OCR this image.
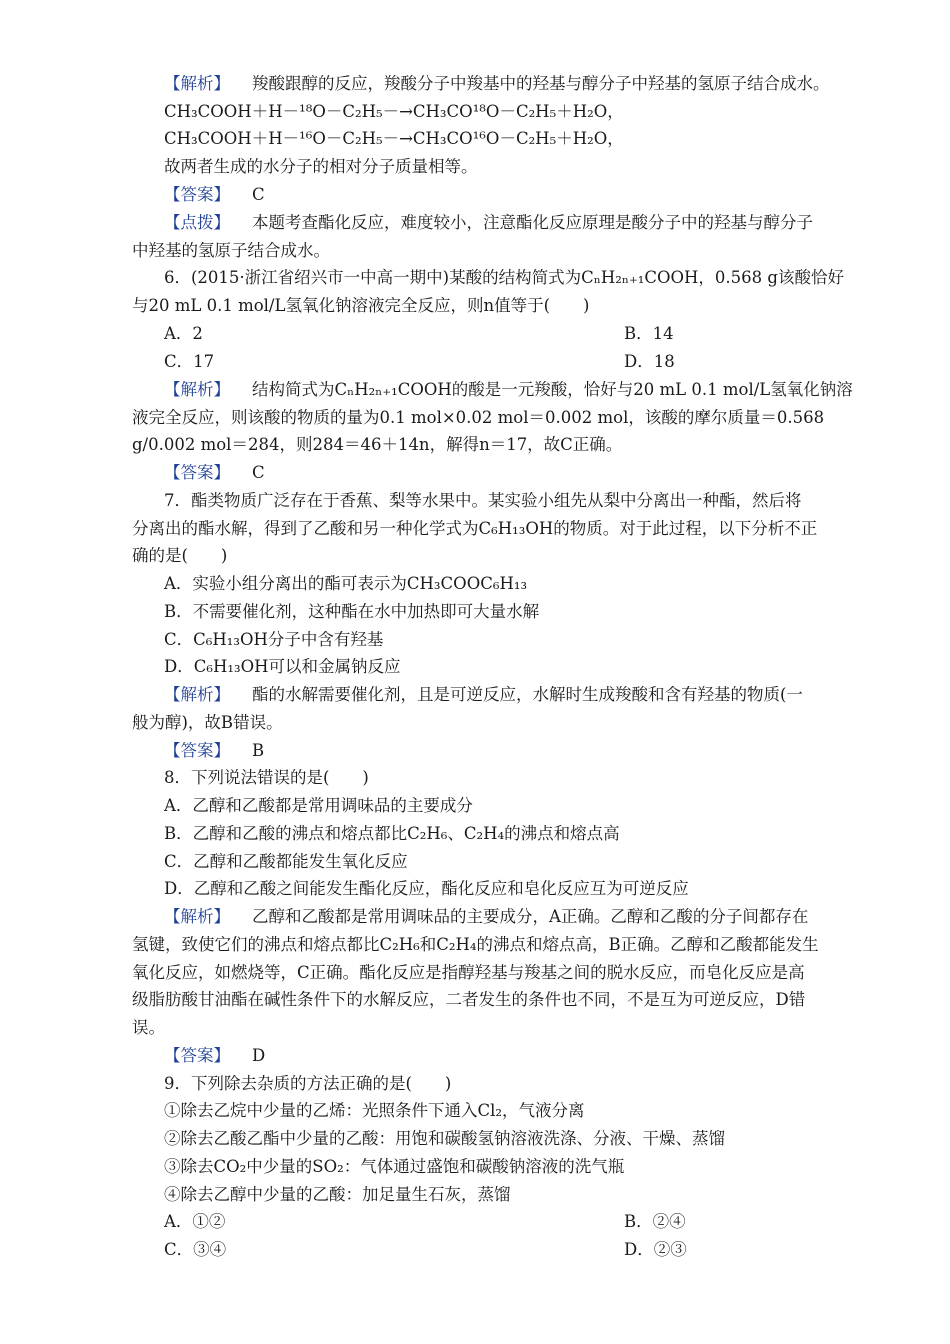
【解析】 羧酸跟醇的反应，羧酸分子中羧基中的羟基与醇分子中羟基的氢原子结合成水。
CH₃COOH＋H－¹⁸O－C₂H₅－→CH₃CO¹⁸O－C₂H₅＋H₂O，
CH₃COOH＋H－¹⁶O－C₂H₅－→CH₃CO¹⁶O－C₂H₅＋H₂O，
故两者生成的水分子的相对分子质量相等。
【答案】 C
【点拨】 本题考查酯化反应，难度较小，注意酯化反应原理是酸分子中的羟基与醇分子
中羟基的氢原子结合成水。
6．(2015·浙江省绍兴市一中高一期中)某酸的结构简式为CₙH₂ₙ₊₁COOH，0.568 g该酸恰好
与20 mL 0.1 mol/L氢氧化钠溶液完全反应，则n值等于(　　)
A．2	B．14
C．17	D．18
【解析】 结构简式为CₙH₂ₙ₊₁COOH的酸是一元羧酸，恰好与20 mL 0.1 mol/L氢氧化钠溶
液完全反应，则该酸的物质的量为0.1 mol×0.02 mol＝0.002 mol，该酸的摩尔质量＝0.568
g/0.002 mol＝284，则284＝46＋14n，解得n＝17，故C正确。
【答案】 C
7．酯类物质广泛存在于香蕉、梨等水果中。某实验小组先从梨中分离出一种酯，然后将
分离出的酯水解，得到了乙酸和另一种化学式为C₆H₁₃OH的物质。对于此过程，以下分析不正
确的是(　　)
A．实验小组分离出的酯可表示为CH₃COOC₆H₁₃
B．不需要催化剂，这种酯在水中加热即可大量水解
C．C₆H₁₃OH分子中含有羟基
D．C₆H₁₃OH可以和金属钠反应
【解析】 酯的水解需要催化剂，且是可逆反应，水解时生成羧酸和含有羟基的物质(一
般为醇)，故B错误。
【答案】 B
8．下列说法错误的是(　　)
A．乙醇和乙酸都是常用调味品的主要成分
B．乙醇和乙酸的沸点和熔点都比C₂H₆、C₂H₄的沸点和熔点高
C．乙醇和乙酸都能发生氧化反应
D．乙醇和乙酸之间能发生酯化反应，酯化反应和皂化反应互为可逆反应
【解析】 乙醇和乙酸都是常用调味品的主要成分，A正确。乙醇和乙酸的分子间都存在
氢键，致使它们的沸点和熔点都比C₂H₆和C₂H₄的沸点和熔点高，B正确。乙醇和乙酸都能发生
氧化反应，如燃烧等，C正确。酯化反应是指醇羟基与羧基之间的脱水反应，而皂化反应是高
级脂肪酸甘油酯在碱性条件下的水解反应，二者发生的条件也不同，不是互为可逆反应，D错
误。
【答案】 D
9．下列除去杂质的方法正确的是(　　)
①除去乙烷中少量的乙烯：光照条件下通入Cl₂，气液分离
②除去乙酸乙酯中少量的乙酸：用饱和碳酸氢钠溶液洗涤、分液、干燥、蒸馏
③除去CO₂中少量的SO₂：气体通过盛饱和碳酸钠溶液的洗气瓶
④除去乙醇中少量的乙酸：加足量生石灰，蒸馏
A．①②	B．②④
C．③④	D．②③
